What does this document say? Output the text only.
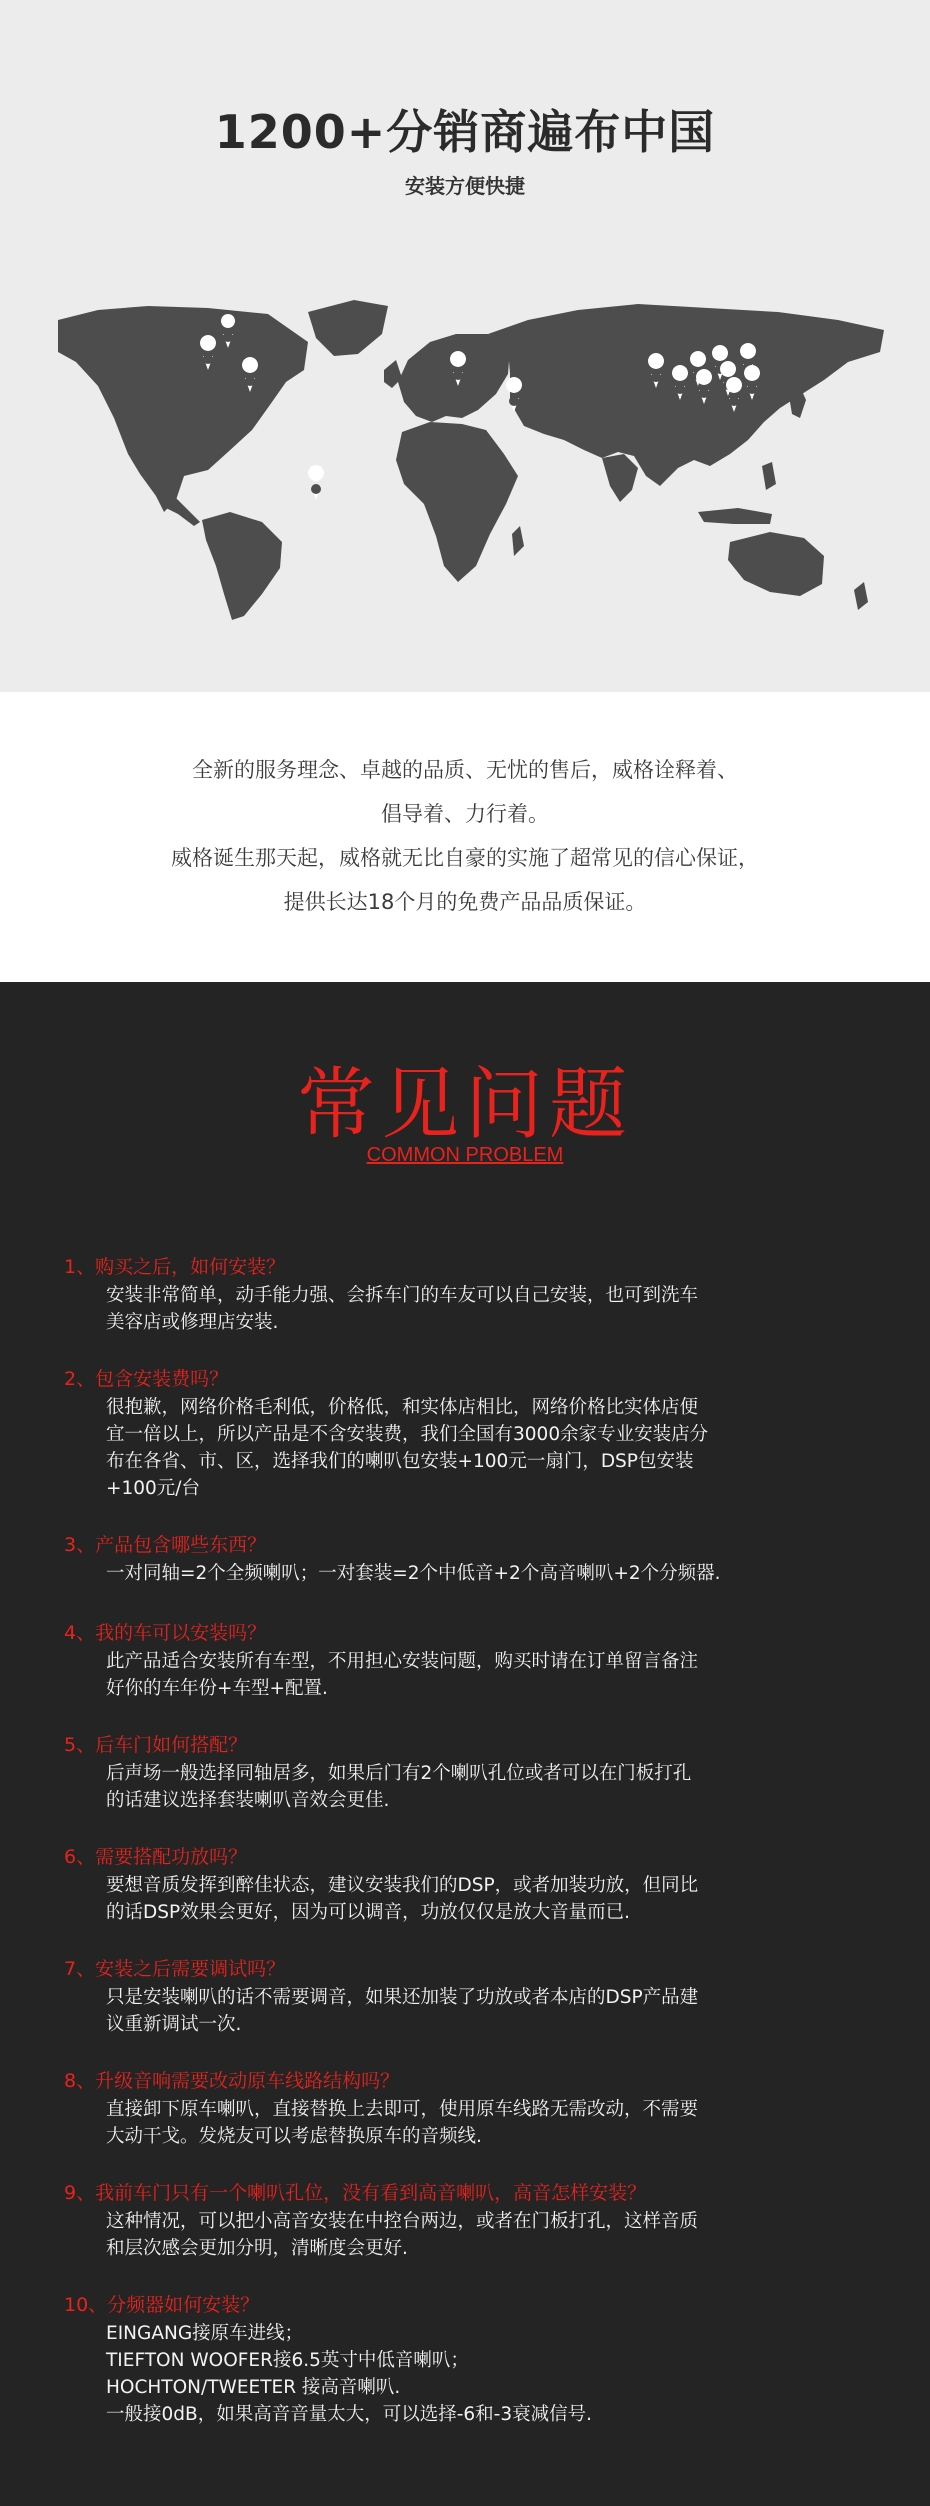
1200+分销商遍布中国
安装方便快捷
全新的服务理念、卓越的品质、无忧的售后，威格诠释着、
倡导着、力行着。
威格诞生那天起，威格就无比自豪的实施了超常见的信心保证，
提供长达18个月的免费产品品质保证。
常见问题
COMMON PROBLEM
1、购买之后，如何安装？
安装非常简单，动手能力强、会拆车门的车友可以自己安装，也可到洗车
美容店或修理店安装.
2、包含安装费吗？
很抱歉，网络价格毛利低，价格低，和实体店相比，网络价格比实体店便
宜一倍以上，所以产品是不含安装费，我们全国有3000余家专业安装店分
布在各省、市、区，选择我们的喇叭包安装+100元一扇门，DSP包安装
+100元/台
3、产品包含哪些东西？
一对同轴=2个全频喇叭；一对套装=2个中低音+2个高音喇叭+2个分频器.
4、我的车可以安装吗？
此产品适合安装所有车型，不用担心安装问题，购买时请在订单留言备注
好你的车年份+车型+配置.
5、后车门如何搭配？
后声场一般选择同轴居多，如果后门有2个喇叭孔位或者可以在门板打孔
的话建议选择套装喇叭音效会更佳.
6、需要搭配功放吗？
要想音质发挥到醉佳状态，建议安装我们的DSP，或者加装功放，但同比
的话DSP效果会更好，因为可以调音，功放仅仅是放大音量而已.
7、安装之后需要调试吗？
只是安装喇叭的话不需要调音，如果还加装了功放或者本店的DSP产品建
议重新调试一次.
8、升级音响需要改动原车线路结构吗？
直接卸下原车喇叭，直接替换上去即可，使用原车线路无需改动，不需要
大动干戈。发烧友可以考虑替换原车的音频线.
9、我前车门只有一个喇叭孔位，没有看到高音喇叭，高音怎样安装？
这种情况，可以把小高音安装在中控台两边，或者在门板打孔，这样音质
和层次感会更加分明，清晰度会更好.
10、分频器如何安装？
EINGANG接原车进线；
TIEFTON WOOFER接6.5英寸中低音喇叭；
HOCHTON/TWEETER 接高音喇叭.
一般接0dB，如果高音音量太大，可以选择-6和-3衰减信号.
